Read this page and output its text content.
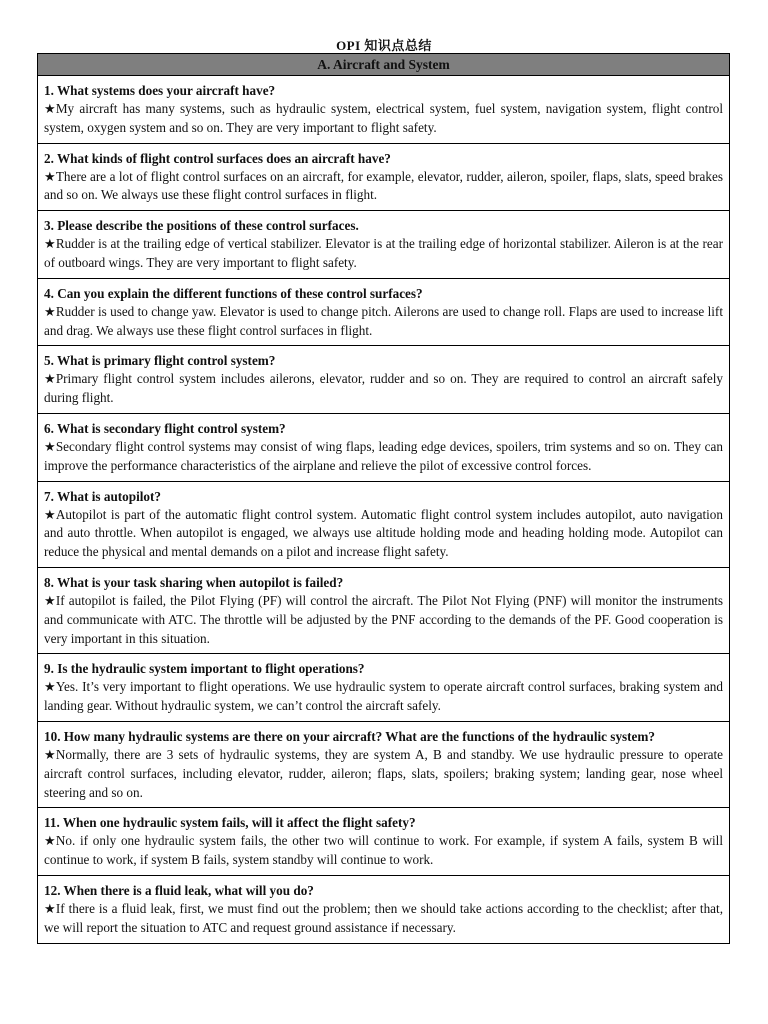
OPI 知识点总结
A. Aircraft and System
1. What systems does your aircraft have?
★My aircraft has many systems, such as hydraulic system, electrical system, fuel system, navigation system, flight control system, oxygen system and so on. They are very important to flight safety.
2. What kinds of flight control surfaces does an aircraft have?
★There are a lot of flight control surfaces on an aircraft, for example, elevator, rudder, aileron, spoiler, flaps, slats, speed brakes and so on. We always use these flight control surfaces in flight.
3. Please describe the positions of these control surfaces.
★Rudder is at the trailing edge of vertical stabilizer. Elevator is at the trailing edge of horizontal stabilizer. Aileron is at the rear of outboard wings. They are very important to flight safety.
4. Can you explain the different functions of these control surfaces?
★Rudder is used to change yaw. Elevator is used to change pitch. Ailerons are used to change roll. Flaps are used to increase lift and drag. We always use these flight control surfaces in flight.
5. What is primary flight control system?
★Primary flight control system includes ailerons, elevator, rudder and so on. They are required to control an aircraft safely during flight.
6. What is secondary flight control system?
★Secondary flight control systems may consist of wing flaps, leading edge devices, spoilers, trim systems and so on. They can improve the performance characteristics of the airplane and relieve the pilot of excessive control forces.
7. What is autopilot?
★Autopilot is part of the automatic flight control system. Automatic flight control system includes autopilot, auto navigation and auto throttle. When autopilot is engaged, we always use altitude holding mode and heading holding mode. Autopilot can reduce the physical and mental demands on a pilot and increase flight safety.
8. What is your task sharing when autopilot is failed?
★If autopilot is failed, the Pilot Flying (PF) will control the aircraft. The Pilot Not Flying (PNF) will monitor the instruments and communicate with ATC. The throttle will be adjusted by the PNF according to the demands of the PF. Good cooperation is very important in this situation.
9. Is the hydraulic system important to flight operations?
★Yes. It’s very important to flight operations. We use hydraulic system to operate aircraft control surfaces, braking system and landing gear. Without hydraulic system, we can’t control the aircraft safely.
10. How many hydraulic systems are there on your aircraft? What are the functions of the hydraulic system?
★Normally, there are 3 sets of hydraulic systems, they are system A, B and standby. We use hydraulic pressure to operate aircraft control surfaces, including elevator, rudder, aileron; flaps, slats, spoilers; braking system; landing gear, nose wheel steering and so on.
11. When one hydraulic system fails, will it affect the flight safety?
★No. if only one hydraulic system fails, the other two will continue to work. For example, if system A fails, system B will continue to work, if system B fails, system standby will continue to work.
12. When there is a fluid leak, what will you do?
★If there is a fluid leak, first, we must find out the problem; then we should take actions according to the checklist; after that, we will report the situation to ATC and request ground assistance if necessary.
